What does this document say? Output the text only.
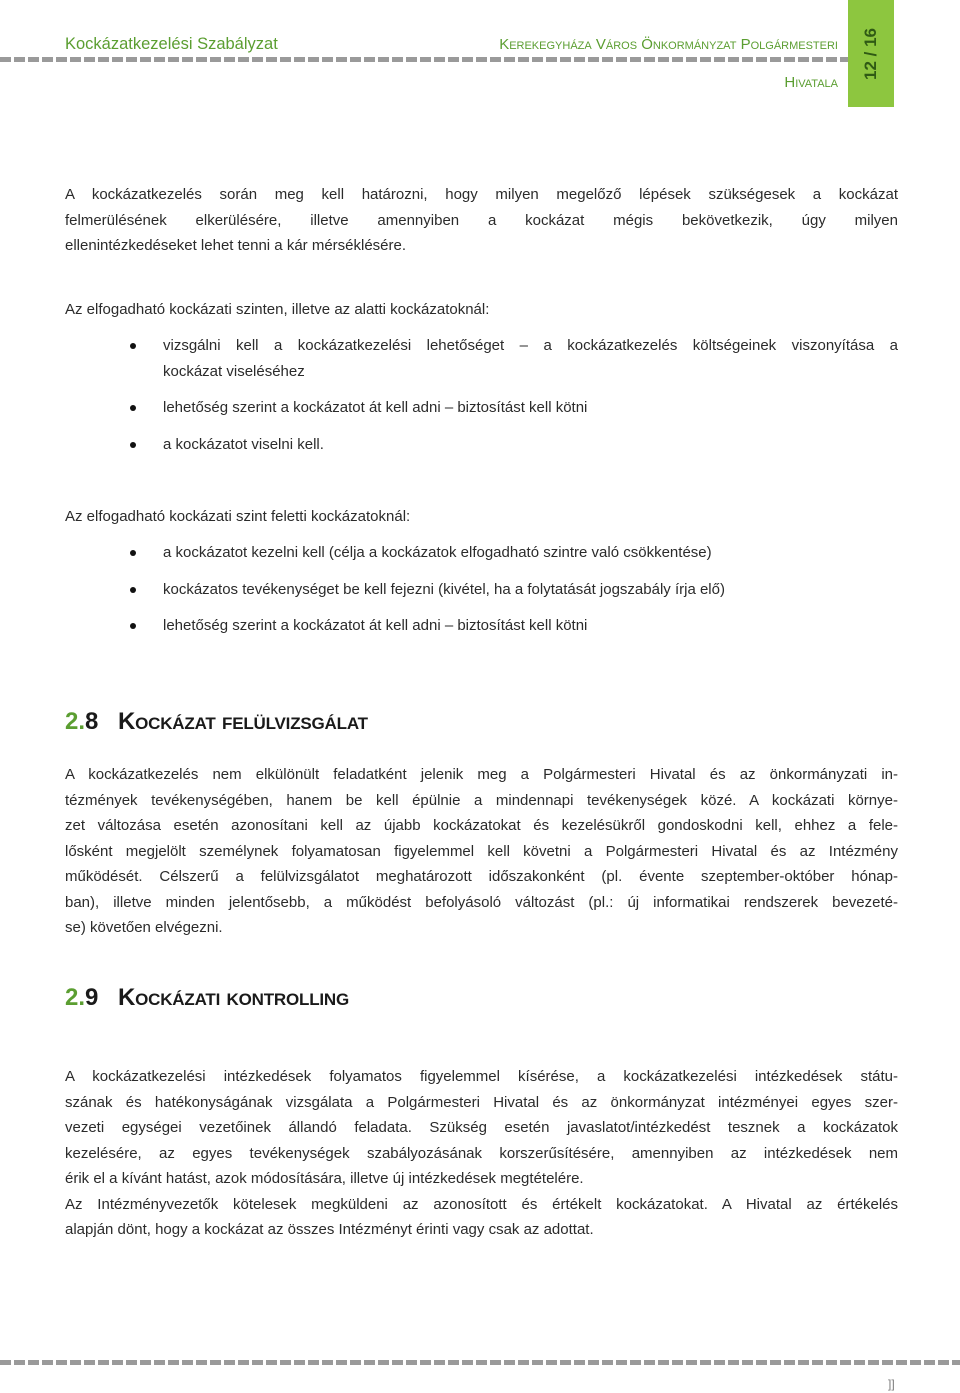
Kockázatkezelési Szabályzat	Kerekegyháza Város Önkormányzat Polgármesteri
Hivatala
12 / 16
A kockázatkezelés során meg kell határozni, hogy milyen megelőző lépések szükségesek a kockázat
felmerülésének elkerülésére, illetve amennyiben a kockázat mégis bekövetkezik, úgy milyen
ellenintézkedéseket lehet tenni a kár mérséklésére.
Az elfogadható kockázati szinten, illetve az alatti kockázatoknál:
vizsgálni kell a kockázatkezelési lehetőséget – a kockázatkezelés költségeinek viszonyítása a
kockázat viseléséhez
lehetőség szerint a kockázatot át kell adni – biztosítást kell kötni
a kockázatot viselni kell.
Az elfogadható kockázati szint feletti kockázatoknál:
a kockázatot kezelni kell (célja a kockázatok elfogadható szintre való csökkentése)
kockázatos tevékenységet be kell fejezni (kivétel, ha a folytatását jogszabály írja elő)
lehetőség szerint a kockázatot át kell adni – biztosítást kell kötni
2.8 Kockázat felülvizsgálat
A kockázatkezelés nem elkülönült feladatként jelenik meg a Polgármesteri Hivatal és az önkormányzati in-
tézmények tevékenységében, hanem be kell épülnie a mindennapi tevékenységek közé. A kockázati környe-
zet változása esetén azonosítani kell az újabb kockázatokat és kezelésükről gondoskodni kell, ehhez a fele-
lősként megjelölt személynek folyamatosan figyelemmel kell követni a Polgármesteri Hivatal és az Intézmény
működését. Célszerű a felülvizsgálatot meghatározott időszakonként (pl. évente szeptember-október hónap-
ban), illetve minden jelentősebb, a működést befolyásoló változást (pl.: új informatikai rendszerek bevezeté-
se) követően elvégezni.
2.9 Kockázati kontrolling
A kockázatkezelési intézkedések folyamatos figyelemmel kísérése, a kockázatkezelési intézkedések státu-
szának és hatékonyságának vizsgálata a Polgármesteri Hivatal és az önkormányzat intézményei egyes szer-
vezeti egységei vezetőinek állandó feladata. Szükség esetén javaslatot/intézkedést tesznek a kockázatok
kezelésére, az egyes tevékenységek szabályozásának korszerűsítésére, amennyiben az intézkedések nem
érik el a kívánt hatást, azok módosítására, illetve új intézkedések megtételére.
Az Intézményvezetők kötelesek megküldeni az azonosított és értékelt kockázatokat. A Hivatal az értékelés
alapján dönt, hogy a kockázat az összes Intézményt érinti vagy csak az adottat.
]]
